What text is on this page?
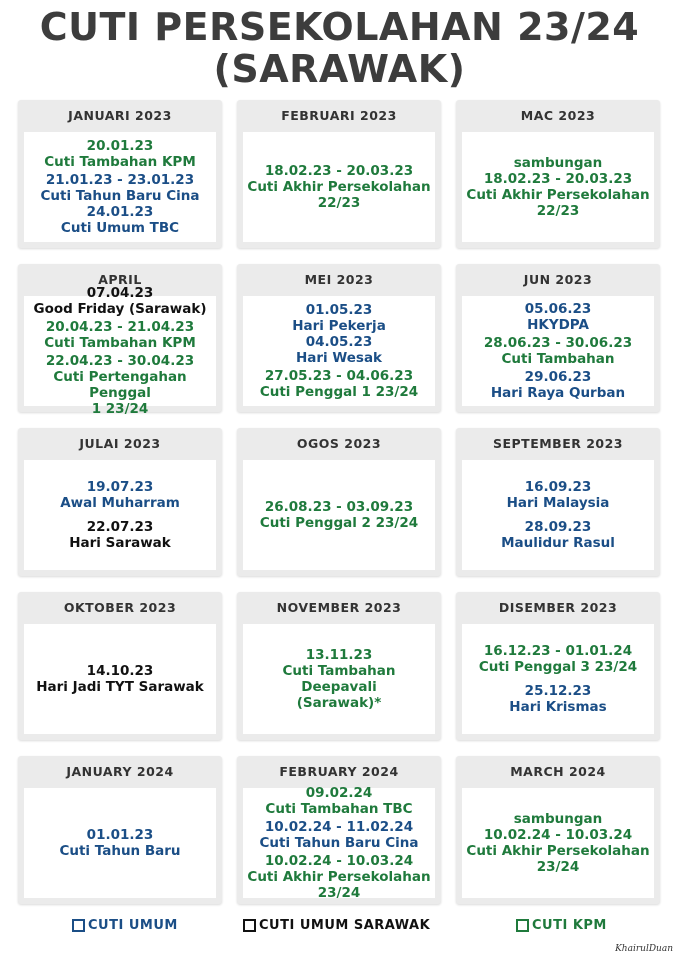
CUTI PERSEKOLAHAN 23/24
(SARAWAK)
JANUARI 2023
20.01.23
Cuti Tambahan KPM
21.01.23 - 23.01.23
Cuti Tahun Baru Cina
24.01.23
Cuti Umum TBC
FEBRUARI 2023
18.02.23 - 20.03.23
Cuti Akhir Persekolahan
22/23
MAC 2023
sambungan
18.02.23 - 20.03.23
Cuti Akhir Persekolahan
22/23
APRIL
07.04.23
Good Friday (Sarawak)
20.04.23 - 21.04.23
Cuti Tambahan KPM
22.04.23 - 30.04.23
Cuti Pertengahan Penggal
1 23/24
MEI 2023
01.05.23
Hari Pekerja
04.05.23
Hari Wesak
27.05.23 - 04.06.23
Cuti Penggal 1 23/24
JUN 2023
05.06.23
HKYDPA
28.06.23 - 30.06.23
Cuti Tambahan
29.06.23
Hari Raya Qurban
JULAI 2023
19.07.23
Awal Muharram
22.07.23
Hari Sarawak
OGOS 2023
26.08.23 - 03.09.23
Cuti Penggal 2 23/24
SEPTEMBER 2023
16.09.23
Hari Malaysia
28.09.23
Maulidur Rasul
OKTOBER 2023
14.10.23
Hari Jadi TYT Sarawak
NOVEMBER 2023
13.11.23
Cuti Tambahan Deepavali
(Sarawak)*
DISEMBER 2023
16.12.23 - 01.01.24
Cuti Penggal 3 23/24
25.12.23
Hari Krismas
JANUARY 2024
01.01.23
Cuti Tahun Baru
FEBRUARY 2024
09.02.24
Cuti Tambahan TBC
10.02.24 - 11.02.24
Cuti Tahun Baru Cina
10.02.24 - 10.03.24
Cuti Akhir Persekolahan
23/24
MARCH 2024
sambungan
10.02.24 - 10.03.24
Cuti Akhir Persekolahan
23/24
CUTI UMUM	CUTI UMUM SARAWAK	CUTI KPM
KhairulDuan
